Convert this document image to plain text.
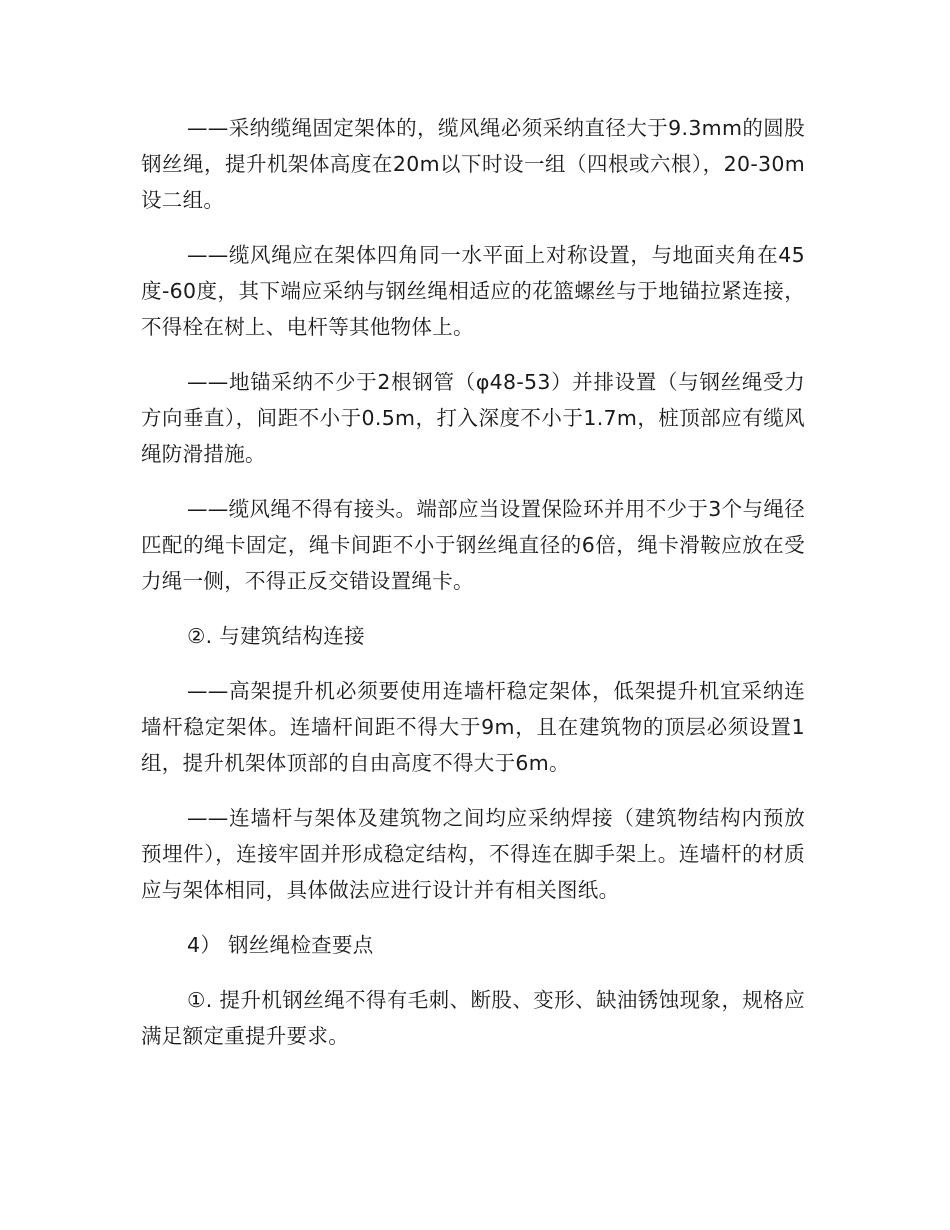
——采纳缆绳固定架体的，缆风绳必须采纳直径大于9.3mm的圆股钢丝绳，提升机架体高度在20m以下时设一组（四根或六根），20-30m设二组。

——缆风绳应在架体四角同一水平面上对称设置，与地面夹角在45度-60度，其下端应采纳与钢丝绳相适应的花篮螺丝与于地锚拉紧连接，不得栓在树上、电杆等其他物体上。

——地锚采纳不少于2根钢管（φ48-53）并排设置（与钢丝绳受力方向垂直），间距不小于0.5m，打入深度不小于1.7m，桩顶部应有缆风绳防滑措施。

——缆风绳不得有接头。端部应当设置保险环并用不少于3个与绳径匹配的绳卡固定，绳卡间距不小于钢丝绳直径的6倍，绳卡滑鞍应放在受力绳一侧，不得正反交错设置绳卡。

②. 与建筑结构连接

——高架提升机必须要使用连墙杆稳定架体，低架提升机宜采纳连墙杆稳定架体。连墙杆间距不得大于9m，且在建筑物的顶层必须设置1组，提升机架体顶部的自由高度不得大于6m。

——连墙杆与架体及建筑物之间均应采纳焊接（建筑物结构内预放预埋件），连接牢固并形成稳定结构，不得连在脚手架上。连墙杆的材质应与架体相同，具体做法应进行设计并有相关图纸。

4） 钢丝绳检查要点

①. 提升机钢丝绳不得有毛刺、断股、变形、缺油锈蚀现象，规格应满足额定重提升要求。
